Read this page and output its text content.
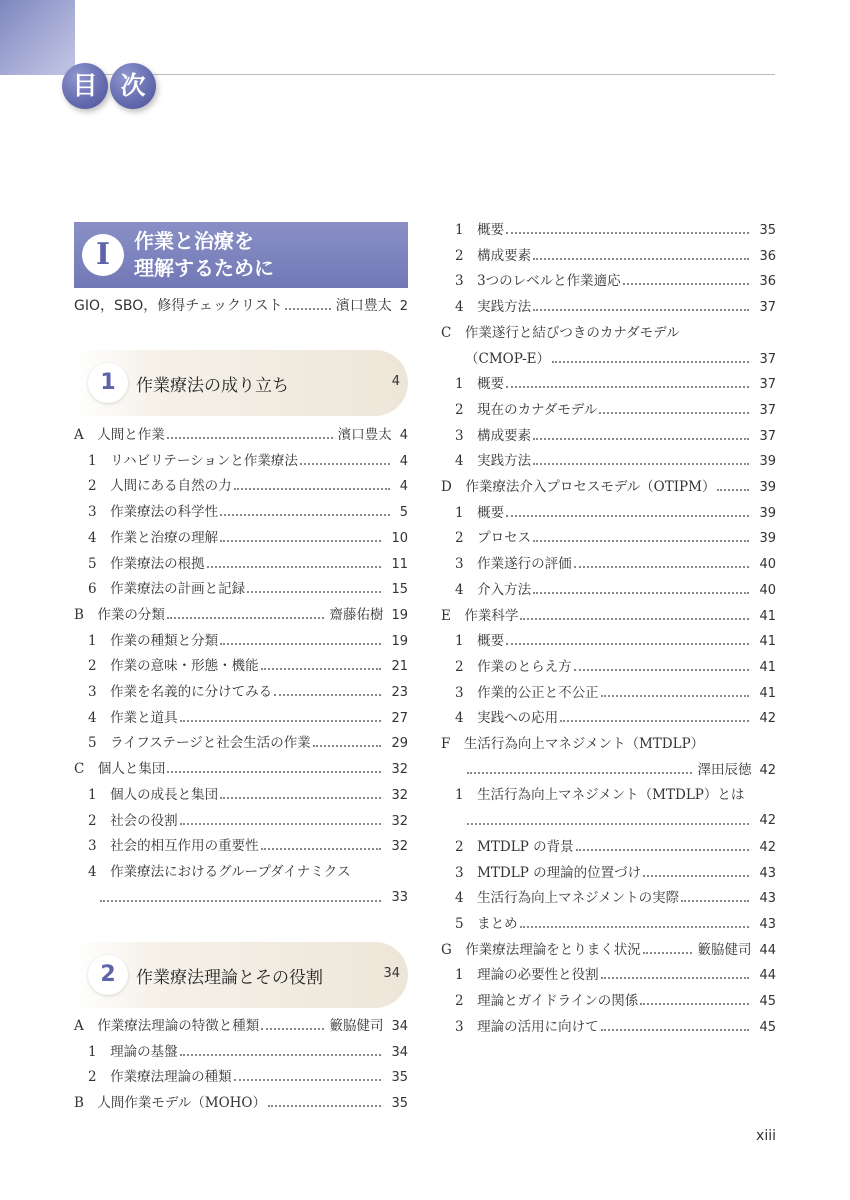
目 次
I	作業と治療を
理解するために
GIO，SBO，修得チェックリスト	濱口豊太 2
1	作業療法の成り立ち	4
A　人間と作業	濱口豊太 4
1　リハビリテーションと作業療法	4
2　人間にある自然の力	4
3　作業療法の科学性	5
4　作業と治療の理解	10
5　作業療法の根拠	11
6　作業療法の計画と記録	15
B　作業の分類	齋藤佑樹 19
1　作業の種類と分類	19
2　作業の意味・形態・機能	21
3　作業を名義的に分けてみる	23
4　作業と道具	27
5　ライフステージと社会生活の作業	29
C　個人と集団	32
1　個人の成長と集団	32
2　社会の役割	32
3　社会的相互作用の重要性	32
4　作業療法におけるグループダイナミクス
33
2	作業療法理論とその役割	34
A　作業療法理論の特徴と種類	籔脇健司 34
1　理論の基盤	34
2　作業療法理論の種類	35
B　人間作業モデル（MOHO）	35
1　概要	35
2　構成要素	36
3　3つのレベルと作業適応	36
4　実践方法	37
C　作業遂行と結びつきのカナダモデル
（CMOP-E）	37
1　概要	37
2　現在のカナダモデル	37
3　構成要素	37
4　実践方法	39
D　作業療法介入プロセスモデル（OTIPM）	39
1　概要	39
2　プロセス	39
3　作業遂行の評価	40
4　介入方法	40
E　作業科学	41
1　概要	41
2　作業のとらえ方	41
3　作業的公正と不公正	41
4　実践への応用	42
F　生活行為向上マネジメント（MTDLP）
澤田辰徳 42
1　生活行為向上マネジメント（MTDLP）とは
42
2　MTDLP の背景	42
3　MTDLP の理論的位置づけ	43
4　生活行為向上マネジメントの実際	43
5　まとめ	43
G　作業療法理論をとりまく状況	籔脇健司 44
1　理論の必要性と役割	44
2　理論とガイドラインの関係	45
3　理論の活用に向けて	45
xiii
